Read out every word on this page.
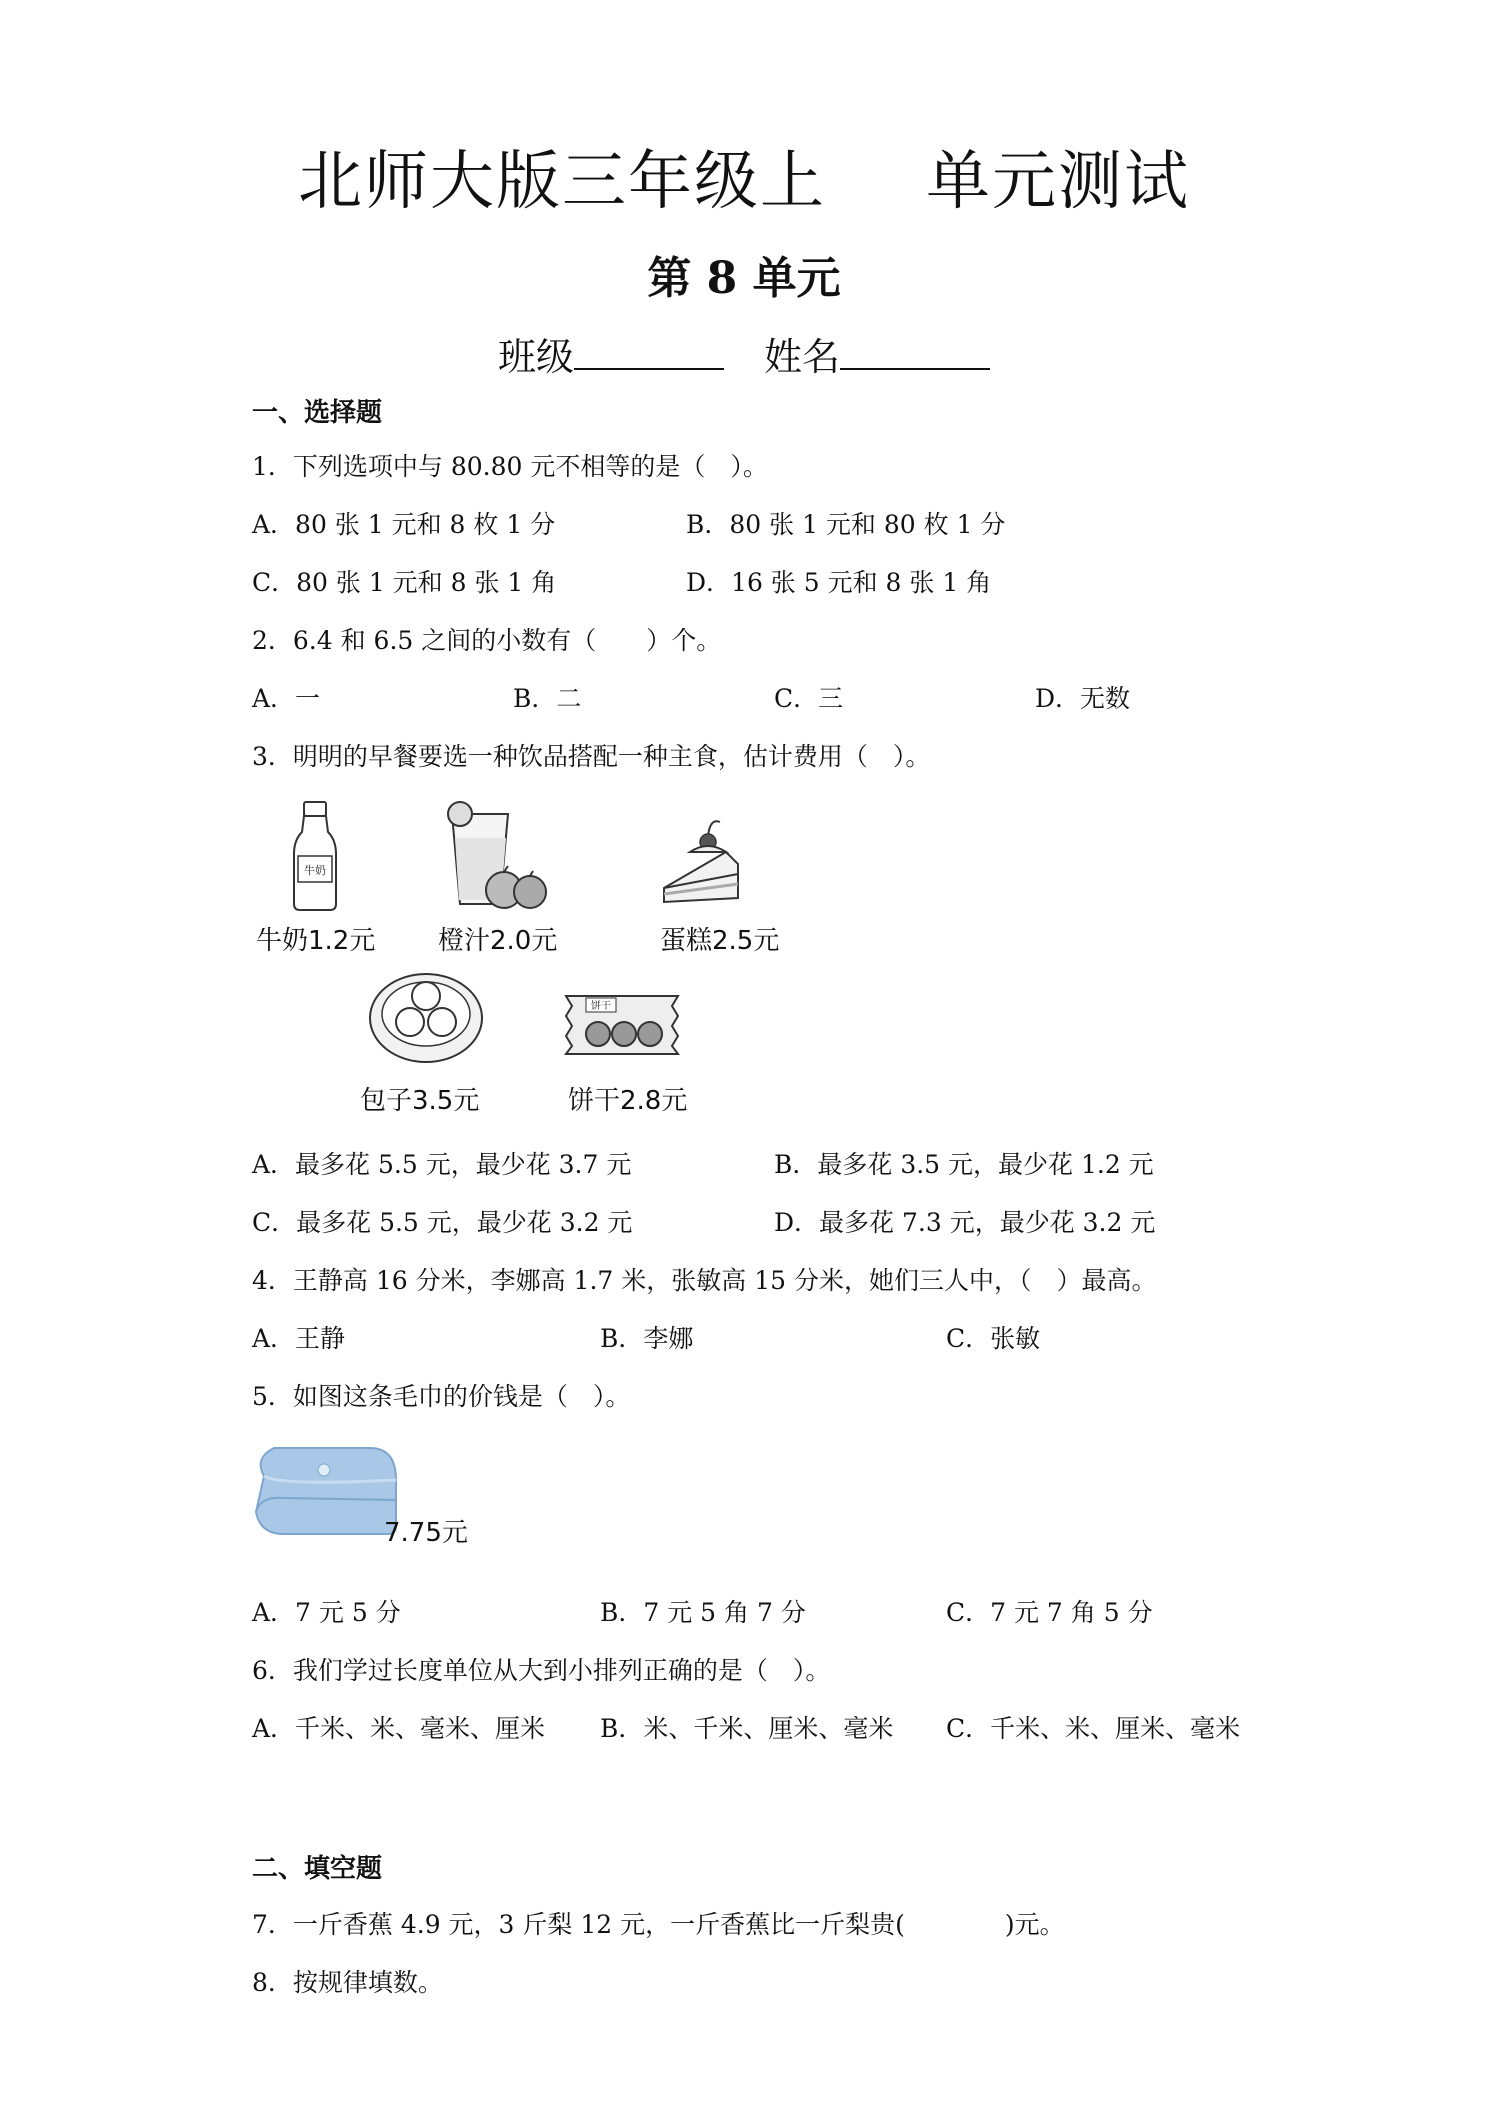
北师大版三年级上 单元测试
第 8 单元
班级	姓名
一、选择题
1．下列选项中与 80.80 元不相等的是（　）。
A．80 张 1 元和 8 枚 1 分	B．80 张 1 元和 80 枚 1 分
C．80 张 1 元和 8 张 1 角	D．16 张 5 元和 8 张 1 角
2．6.4 和 6.5 之间的小数有（　　）个。
A．一	B．二	C．三	D．无数
3．明明的早餐要选一种饮品搭配一种主食，估计费用（　）。
牛奶
牛奶1.2元 橙汁2.0元	蛋糕2.5元
包子3.5元
饼干
饼干2.8元
A．最多花 5.5 元，最少花 3.7 元	B．最多花 3.5 元，最少花 1.2 元
C．最多花 5.5 元，最少花 3.2 元	D．最多花 7.3 元，最少花 3.2 元
4．王静高 16 分米，李娜高 1.7 米，张敏高 15 分米，她们三人中，（　）最高。
A．王静	B．李娜	C．张敏
5．如图这条毛巾的价钱是（　）。
7.75元
A．7 元 5 分	B．7 元 5 角 7 分	C．7 元 7 角 5 分
6．我们学过长度单位从大到小排列正确的是（　）。
A．千米、米、毫米、厘米 B．米、千米、厘米、毫米 C．千米、米、厘米、毫米
二、填空题
7．一斤香蕉 4.9 元，3 斤梨 12 元，一斤香蕉比一斤梨贵(　　　　)元。
8．按规律填数。
